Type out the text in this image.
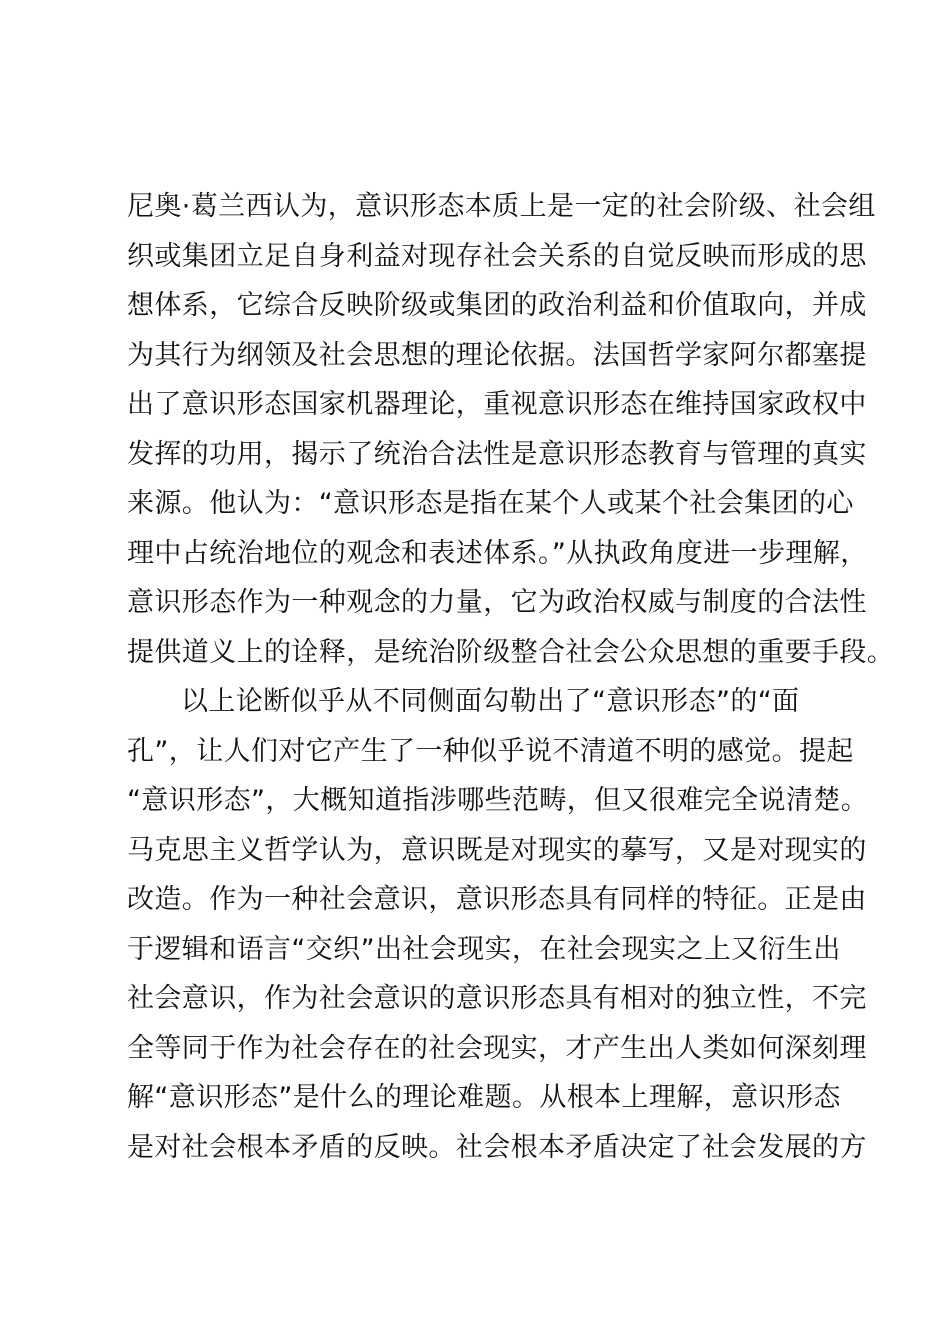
尼奥·葛兰西认为，意识形态本质上是一定的社会阶级、社会组
织或集团立足自身利益对现存社会关系的自觉反映而形成的思
想体系，它综合反映阶级或集团的政治利益和价值取向，并成
为其行为纲领及社会思想的理论依据。法国哲学家阿尔都塞提
出了意识形态国家机器理论，重视意识形态在维持国家政权中
发挥的功用，揭示了统治合法性是意识形态教育与管理的真实
来源。他认为：“意识形态是指在某个人或某个社会集团的心
理中占统治地位的观念和表述体系。”从执政角度进一步理解，
意识形态作为一种观念的力量，它为政治权威与制度的合法性
提供道义上的诠释，是统治阶级整合社会公众思想的重要手段。
以上论断似乎从不同侧面勾勒出了“意识形态”的“面
孔”，让人们对它产生了一种似乎说不清道不明的感觉。提起
“意识形态”，大概知道指涉哪些范畴，但又很难完全说清楚。
马克思主义哲学认为，意识既是对现实的摹写，又是对现实的
改造。作为一种社会意识，意识形态具有同样的特征。正是由
于逻辑和语言“交织”出社会现实，在社会现实之上又衍生出
社会意识，作为社会意识的意识形态具有相对的独立性，不完
全等同于作为社会存在的社会现实，才产生出人类如何深刻理
解“意识形态”是什么的理论难题。从根本上理解，意识形态
是对社会根本矛盾的反映。社会根本矛盾决定了社会发展的方
